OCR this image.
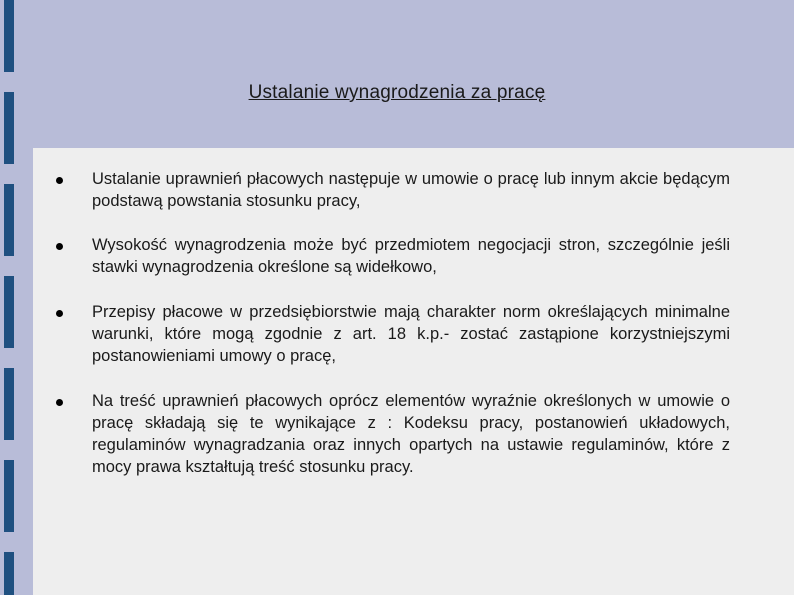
Ustalanie wynagrodzenia za pracę
Ustalanie uprawnień płacowych następuje w umowie o pracę lub innym akcie będącym podstawą powstania stosunku pracy,
Wysokość wynagrodzenia może być przedmiotem negocjacji stron, szczególnie jeśli stawki wynagrodzenia określone są widełkowo,
Przepisy płacowe w przedsiębiorstwie mają charakter norm określających minimalne warunki, które mogą zgodnie z art. 18 k.p.- zostać zastąpione korzystniejszymi postanowieniami umowy o pracę,
Na treść uprawnień płacowych oprócz elementów wyraźnie określonych w umowie o pracę składają się te wynikające z : Kodeksu pracy, postanowień układowych, regulaminów wynagradzania oraz innych opartych na ustawie regulaminów, które z mocy prawa kształtują treść stosunku pracy.
